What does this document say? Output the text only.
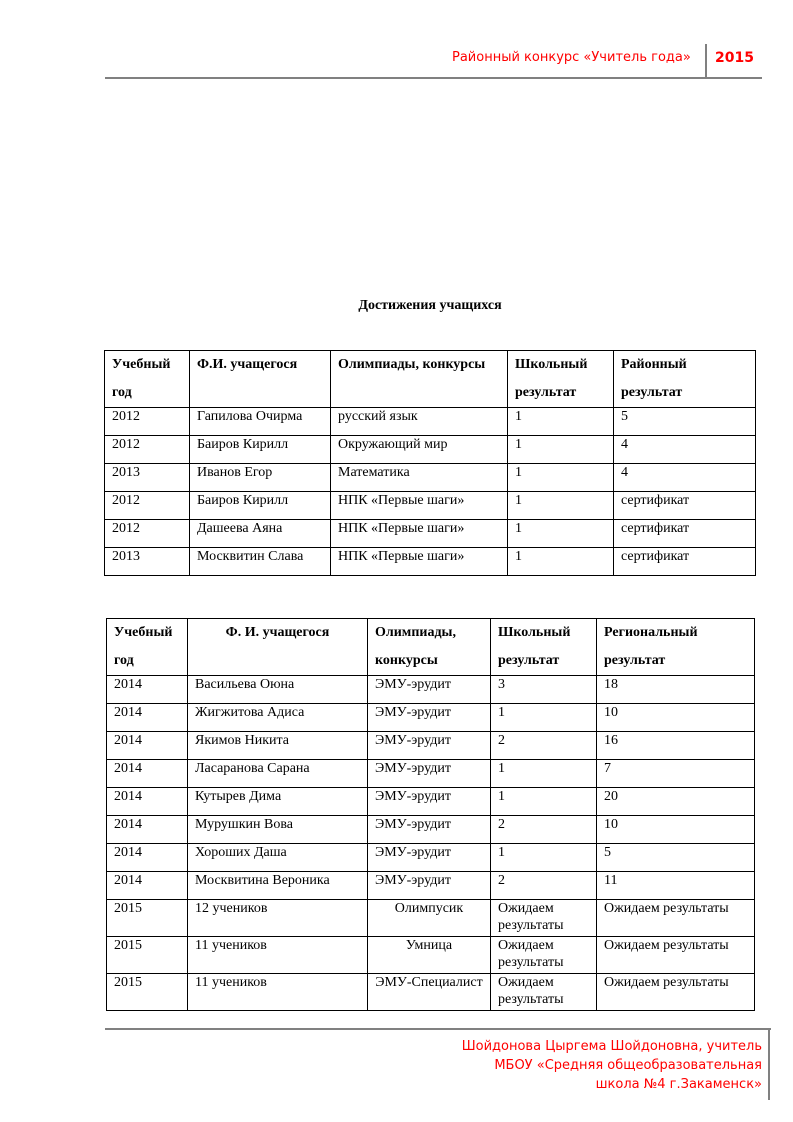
Районный конкурс «Учитель года» 2015
Достижения учащихся
Учебный год	Ф.И. учащегося	Олимпиады, конкурсы	Школьный результат	Районный результат
2012	Гапилова Очирма	русский язык	1	5
2012	Баиров Кирилл	Окружающий мир	1	4
2013	Иванов Егор	Математика	1	4
2012	Баиров Кирилл	НПК «Первые шаги»	1	сертификат
2012	Дашеева Аяна	НПК «Первые шаги»	1	сертификат
2013	Москвитин Слава	НПК «Первые шаги»	1	сертификат
Учебный год	Ф. И. учащегося	Олимпиады, конкурсы	Школьный результат	Региональный результат
2014	Васильева Оюна	ЭМУ-эрудит	3	18
2014	Жигжитова Адиса	ЭМУ-эрудит	1	10
2014	Якимов Никита	ЭМУ-эрудит	2	16
2014	Ласаранова Сарана	ЭМУ-эрудит	1	7
2014	Кутырев Дима	ЭМУ-эрудит	1	20
2014	Мурушкин Вова	ЭМУ-эрудит	2	10
2014	Хороших Даша	ЭМУ-эрудит	1	5
2014	Москвитина Вероника	ЭМУ-эрудит	2	11
2015	12 учеников	Олимпусик	Ожидаем результаты	Ожидаем результаты
2015	11 учеников	Умница	Ожидаем результаты	Ожидаем результаты
2015	11 учеников	ЭМУ-Специалист	Ожидаем результаты	Ожидаем результаты
Шойдонова Цыргема Шойдоновна, учитель
МБОУ «Средняя общеобразовательная
школа №4 г.Закаменск»
